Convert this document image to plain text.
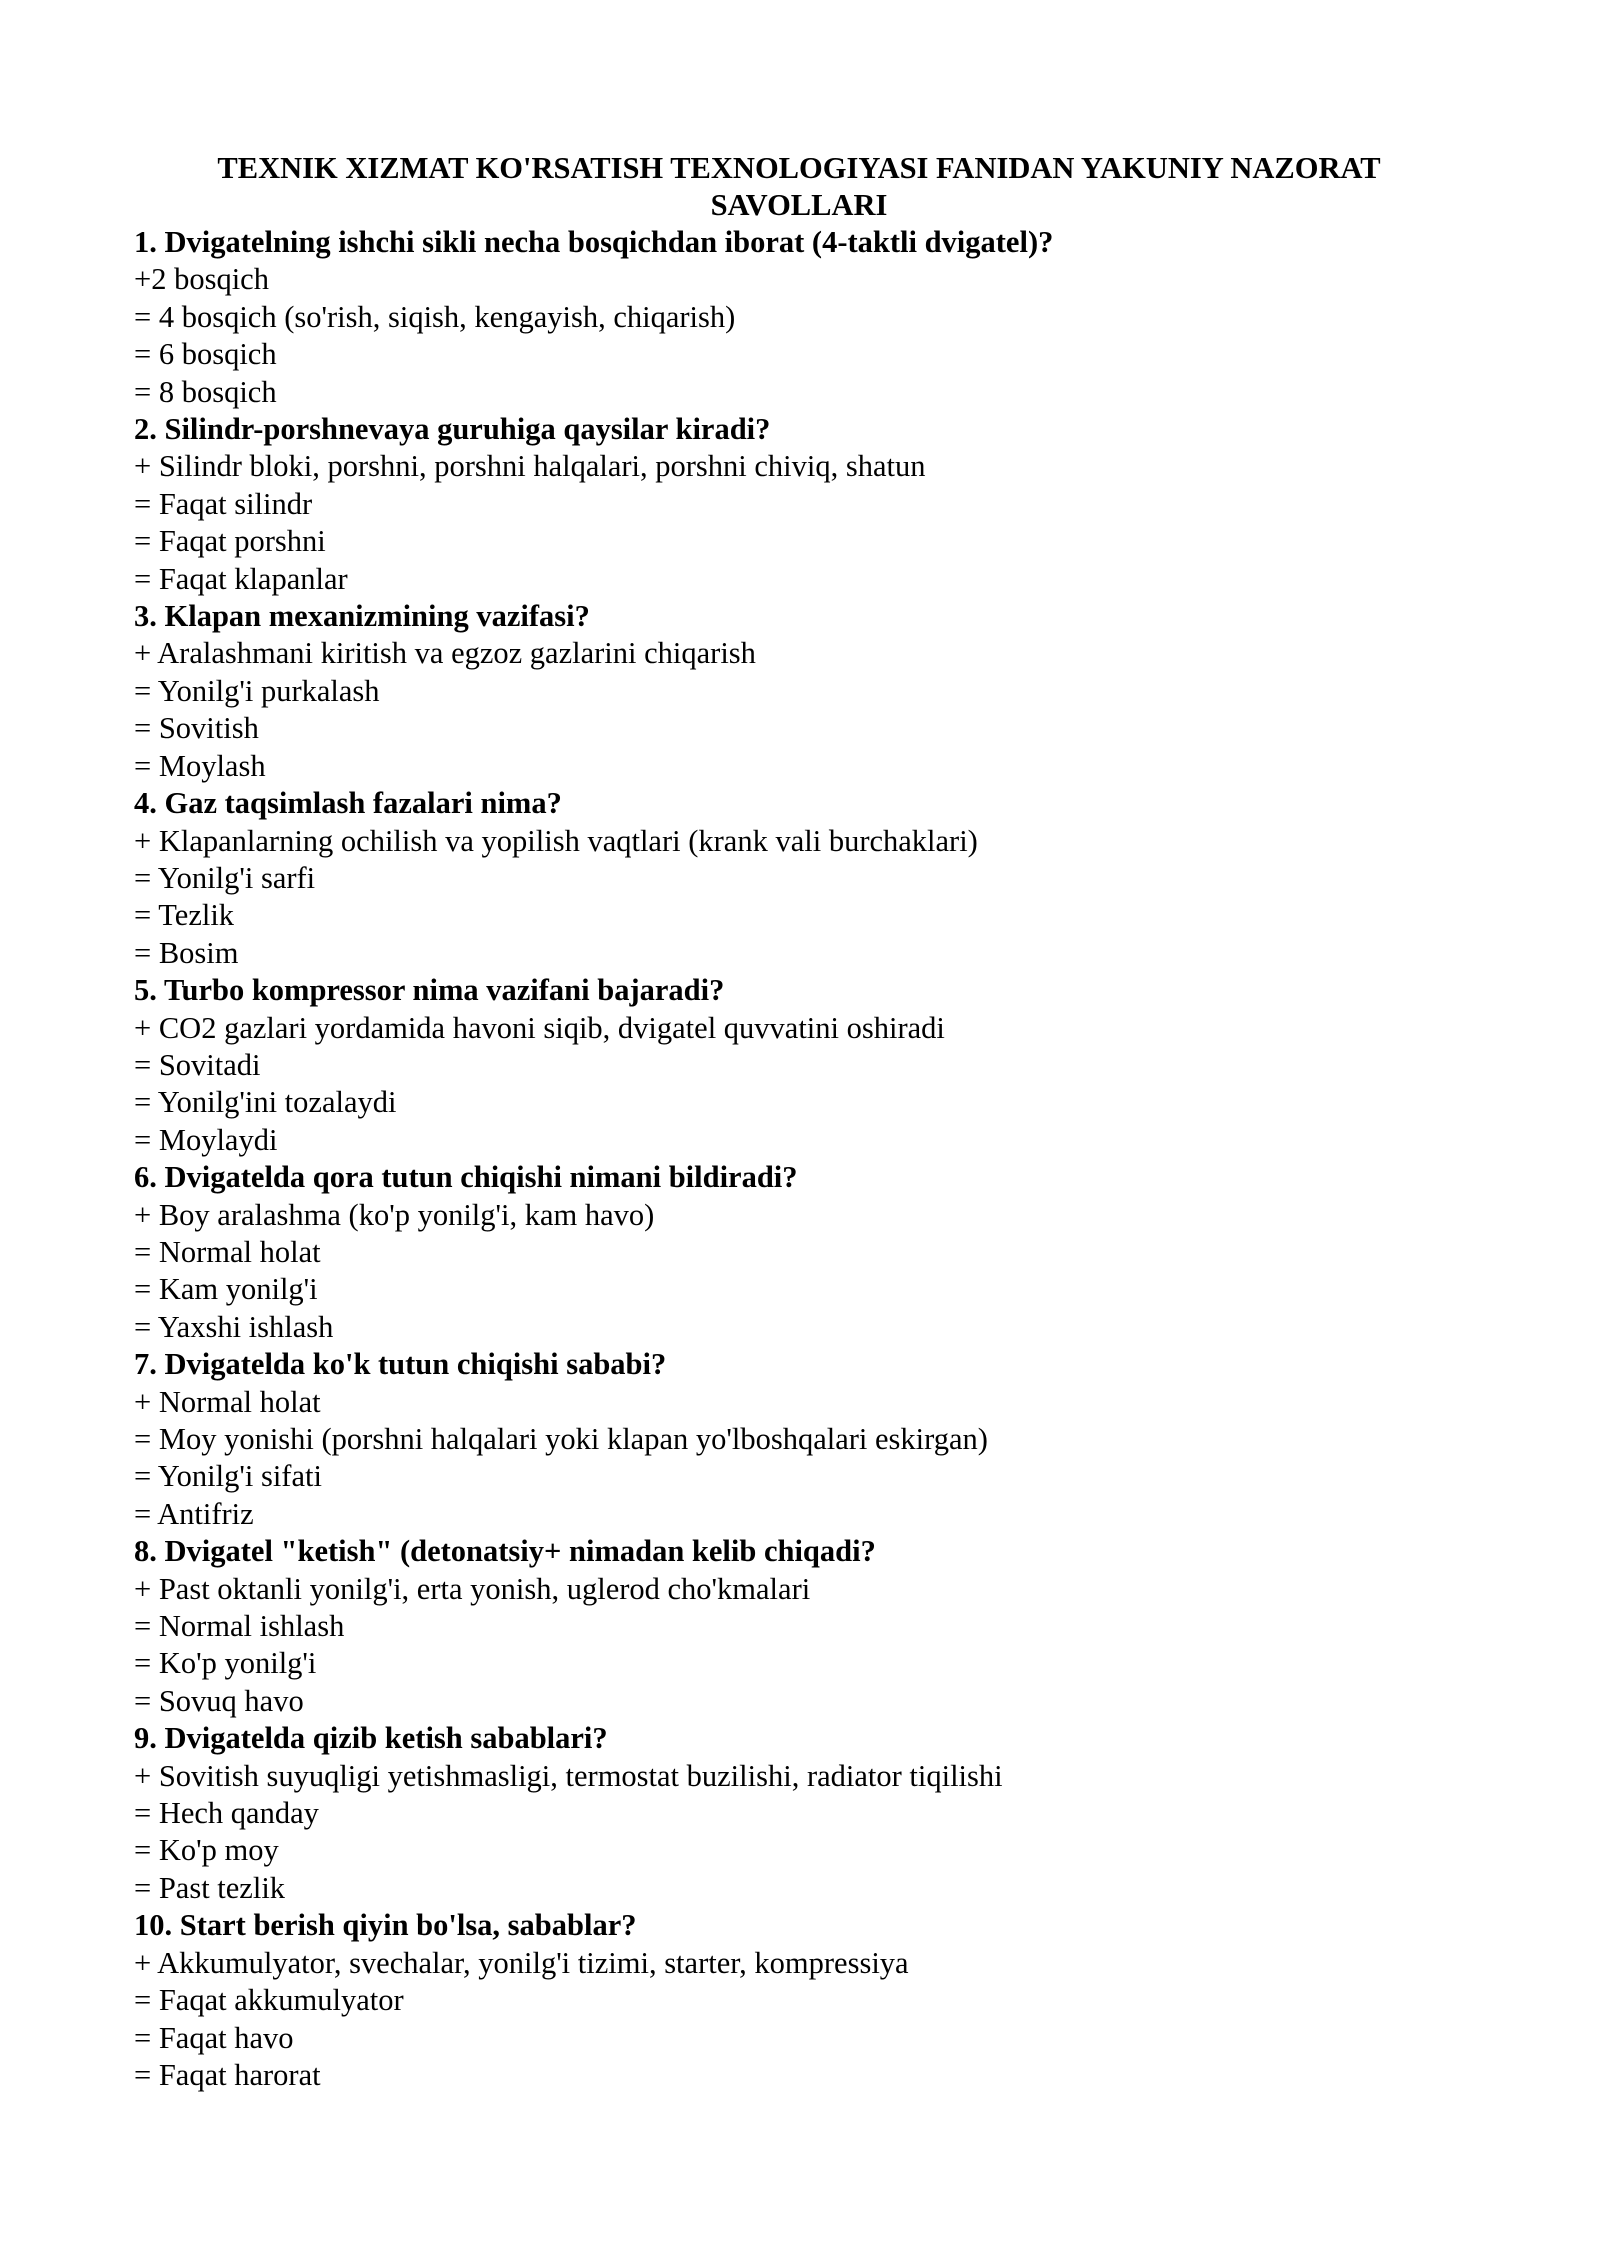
TEXNIK XIZMAT KO'RSATISH TEXNOLOGIYASI FANIDAN YAKUNIY NAZORAT
SAVOLLARI
1. Dvigatelning ishchi sikli necha bosqichdan iborat (4-taktli dvigatel)?
+2 bosqich
= 4 bosqich (so'rish, siqish, kengayish, chiqarish)
= 6 bosqich
= 8 bosqich
2. Silindr-porshnevaya guruhiga qaysilar kiradi?
+ Silindr bloki, porshni, porshni halqalari, porshni chiviq, shatun
= Faqat silindr
= Faqat porshni
= Faqat klapanlar
3. Klapan mexanizmining vazifasi?
+ Aralashmani kiritish va egzoz gazlarini chiqarish
= Yonilg'i purkalash
= Sovitish
= Moylash
4. Gaz taqsimlash fazalari nima?
+ Klapanlarning ochilish va yopilish vaqtlari (krank vali burchaklari)
= Yonilg'i sarfi
= Tezlik
= Bosim
5. Turbo kompressor nima vazifani bajaradi?
+ CO2 gazlari yordamida havoni siqib, dvigatel quvvatini oshiradi
= Sovitadi
= Yonilg'ini tozalaydi
= Moylaydi
6. Dvigatelda qora tutun chiqishi nimani bildiradi?
+ Boy aralashma (ko'p yonilg'i, kam havo)
= Normal holat
= Kam yonilg'i
= Yaxshi ishlash
7. Dvigatelda ko'k tutun chiqishi sababi?
+ Normal holat
= Moy yonishi (porshni halqalari yoki klapan yo'lboshqalari eskirgan)
= Yonilg'i sifati
= Antifriz
8. Dvigatel "ketish" (detonatsiy+ nimadan kelib chiqadi?
+ Past oktanli yonilg'i, erta yonish, uglerod cho'kmalari
= Normal ishlash
= Ko'p yonilg'i
= Sovuq havo
9. Dvigatelda qizib ketish sabablari?
+ Sovitish suyuqligi yetishmasligi, termostat buzilishi, radiator tiqilishi
= Hech qanday
= Ko'p moy
= Past tezlik
10. Start berish qiyin bo'lsa, sabablar?
+ Akkumulyator, svechalar, yonilg'i tizimi, starter, kompressiya
= Faqat akkumulyator
= Faqat havo
= Faqat harorat
